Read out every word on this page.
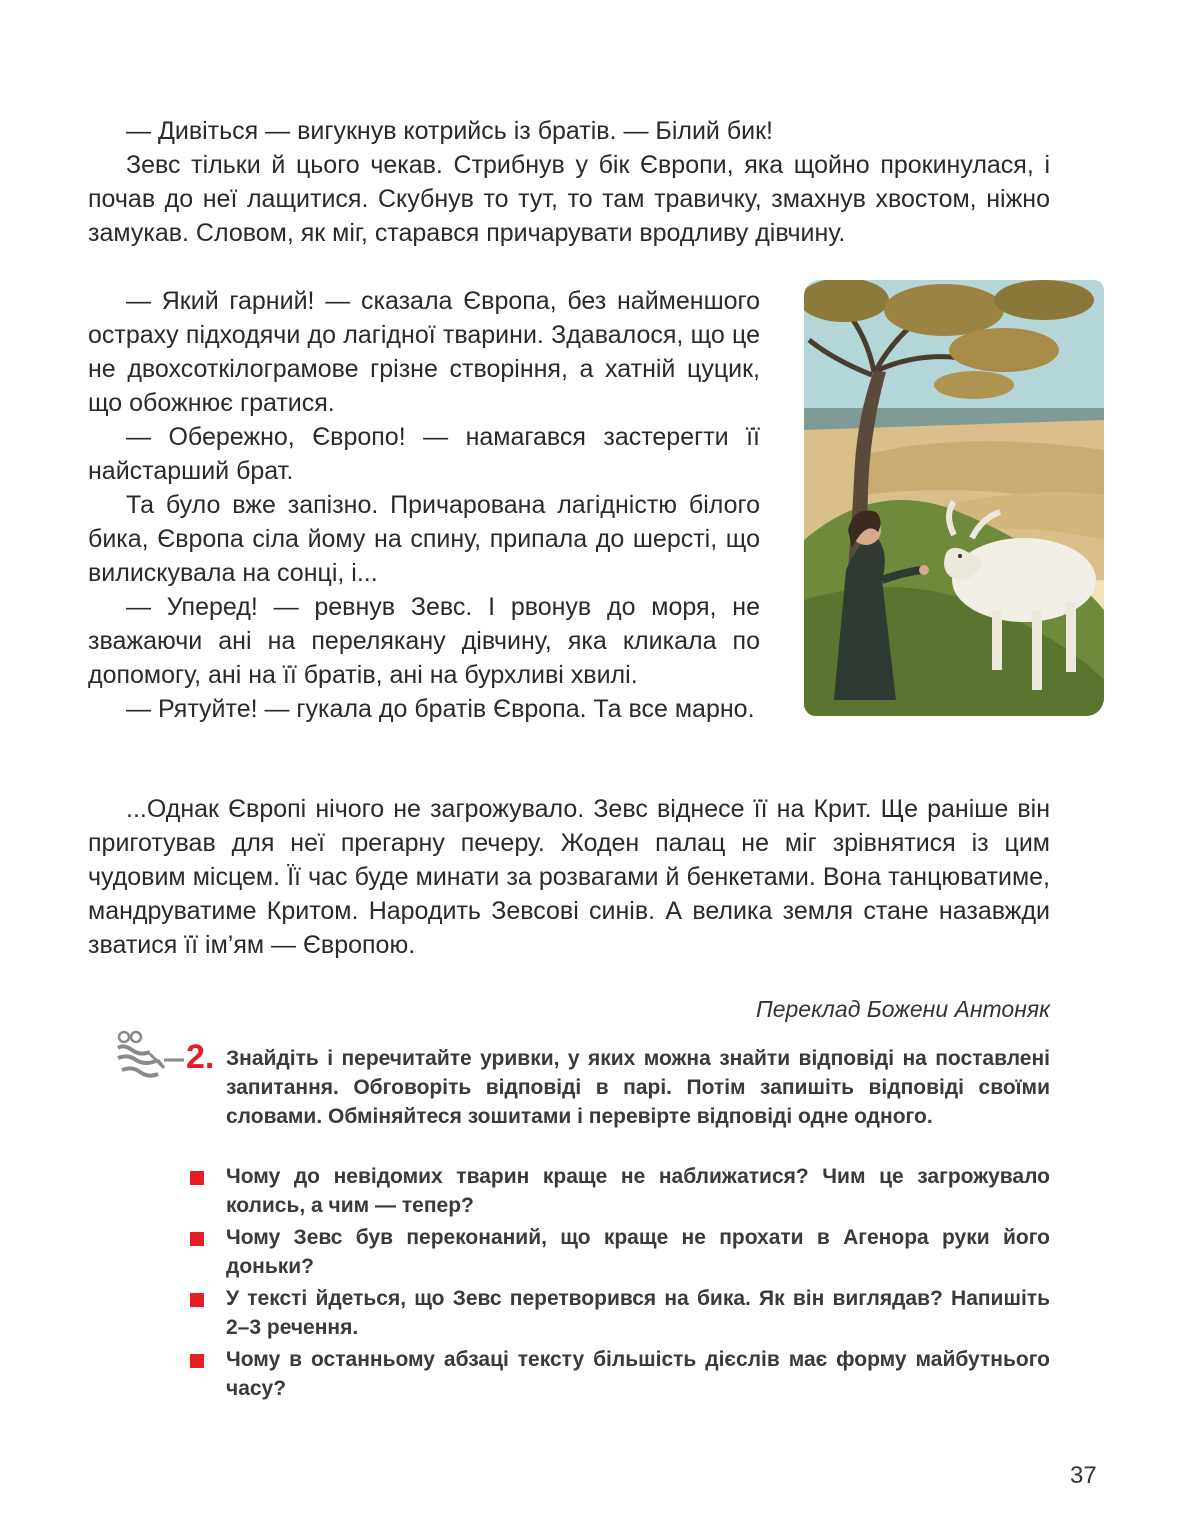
— Дивіться — вигукнув котрийсь із братів. — Білий бик!

Зевс тільки й цього чекав. Стрибнув у бік Європи, яка щойно прокинулася, і почав до неї лащитися. Скубнув то тут, то там травичку, змахнув хвостом, ніжно замукав. Словом, як міг, старався причарувати вродливу дівчину.

— Який гарний! — сказала Європа, без найменшого остраху підходячи до лагідної тварини. Здавалося, що це не двохсоткілограмове грізне створіння, а хатній цуцик, що обожнює гратися.

— Обережно, Європо! — намагався застерегти її найстарший брат.

Та було вже запізно. Причарована лагідністю білого бика, Європа сіла йому на спину, припала до шерсті, що вилискувала на сонці, і...

— Уперед! — ревнув Зевс. І рвонув до моря, не зважаючи ані на перелякану дівчину, яка кликала по допомогу, ані на її братів, ані на бурхливі хвилі.

— Рятуйте! — гукала до братів Європа. Та все марно.

...Однак Європі нічого не загрожувало. Зевс віднесе її на Крит. Ще раніше він приготував для неї прегарну печеру. Жоден палац не міг зрівнятися із цим чудовим місцем. Її час буде минати за розвагами й бенкетами. Вона танцюватиме, мандруватиме Критом. Народить Зевсові синів. А велика земля стане назавжди зватися її ім’ям — Європою.

Переклад Божени Антоняк
2. Знайдіть і перечитайте уривки, у яких можна знайти відповіді на поставлені запитання. Обговоріть відповіді в парі. Потім запишіть відповіді своїми словами. Обміняйтеся зошитами і перевірте відповіді одне одного.
Чому до невідомих тварин краще не наближатися? Чим це загрожувало колись, а чим — тепер?
Чому Зевс був переконаний, що краще не прохати в Агенора руки його доньки?
У тексті йдеться, що Зевс перетворився на бика. Як він виглядав? Напишіть 2–3 речення.
Чому в останньому абзаці тексту більшість дієслів має форму майбутнього часу?
37
